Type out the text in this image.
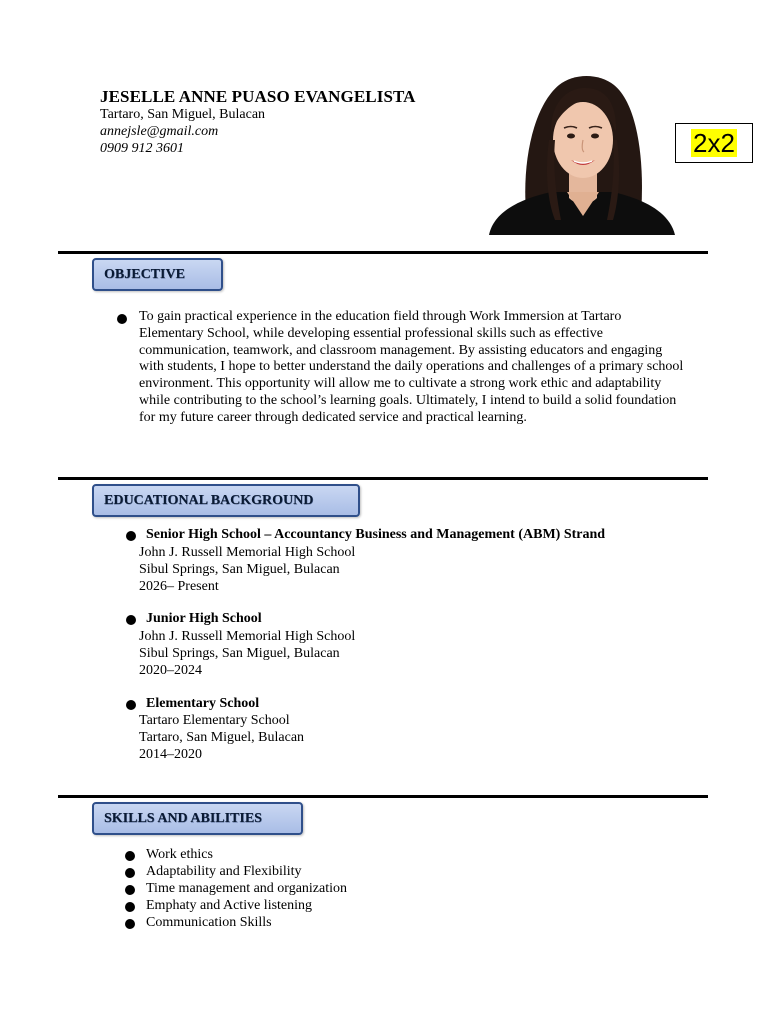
JESELLE ANNE PUASO EVANGELISTA
Tartaro, San Miguel, Bulacan
annejsle@gmail.com
0909 912 3601	2x2
OBJECTIVE
To gain practical experience in the education field through Work Immersion at Tartaro Elementary School, while developing essential professional skills such as effective communication, teamwork, and classroom management. By assisting educators and engaging with students, I hope to better understand the daily operations and challenges of a primary school environment. This opportunity will allow me to cultivate a strong work ethic and adaptability while contributing to the school’s learning goals. Ultimately, I intend to build a solid foundation for my future career through dedicated service and practical learning.
EDUCATIONAL BACKGROUND
Senior High School – Accountancy Business and Management (ABM) Strand
John J. Russell Memorial High School
Sibul Springs, San Miguel, Bulacan
2026– Present
Junior High School
John J. Russell Memorial High School
Sibul Springs, San Miguel, Bulacan
2020–2024
Elementary School
Tartaro Elementary School
Tartaro, San Miguel, Bulacan
2014–2020
SKILLS AND ABILITIES
Work ethics
Adaptability and Flexibility
Time management and organization
Emphaty and Active listening
Communication Skills
